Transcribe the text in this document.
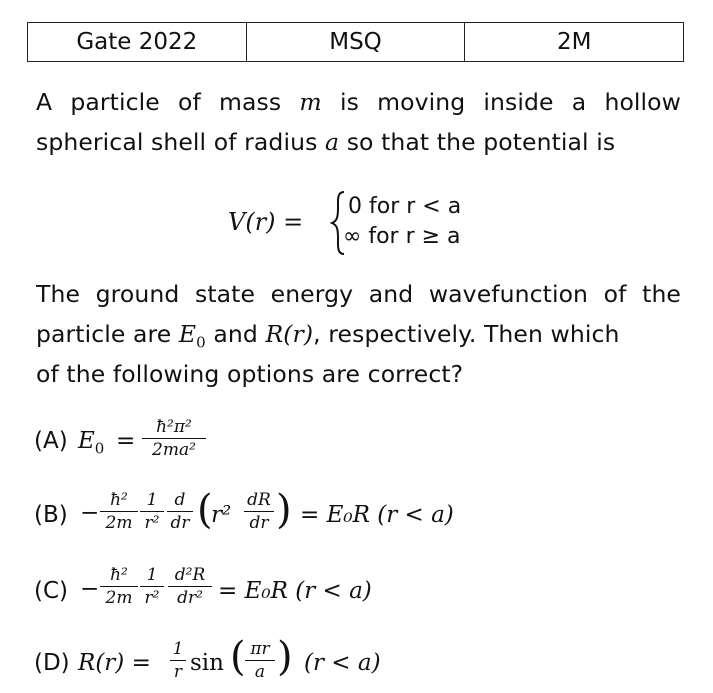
Gate 2022	MSQ	2M
A particle of mass m is moving inside a hollow
spherical shell of radius a so that the potential is
V(r) =
0 for r < a
∞ for r ≥ a
The ground state energy and wavefunction of the
particle are $E_0$ and R(r), respectively. Then which
of the following options are correct?
(A) $E_0$ =
ħ²π²
2ma²
(B) − ħ²
2m
1
r²
d
dr (
r²
dR
dr ) = E₀R (r < a)
(C) −
ħ²
2m
1
r²
d²R
dr² = E₀R (r < a)
(D) R(r) =
1
r sin ( πr
a ) (r < a)
